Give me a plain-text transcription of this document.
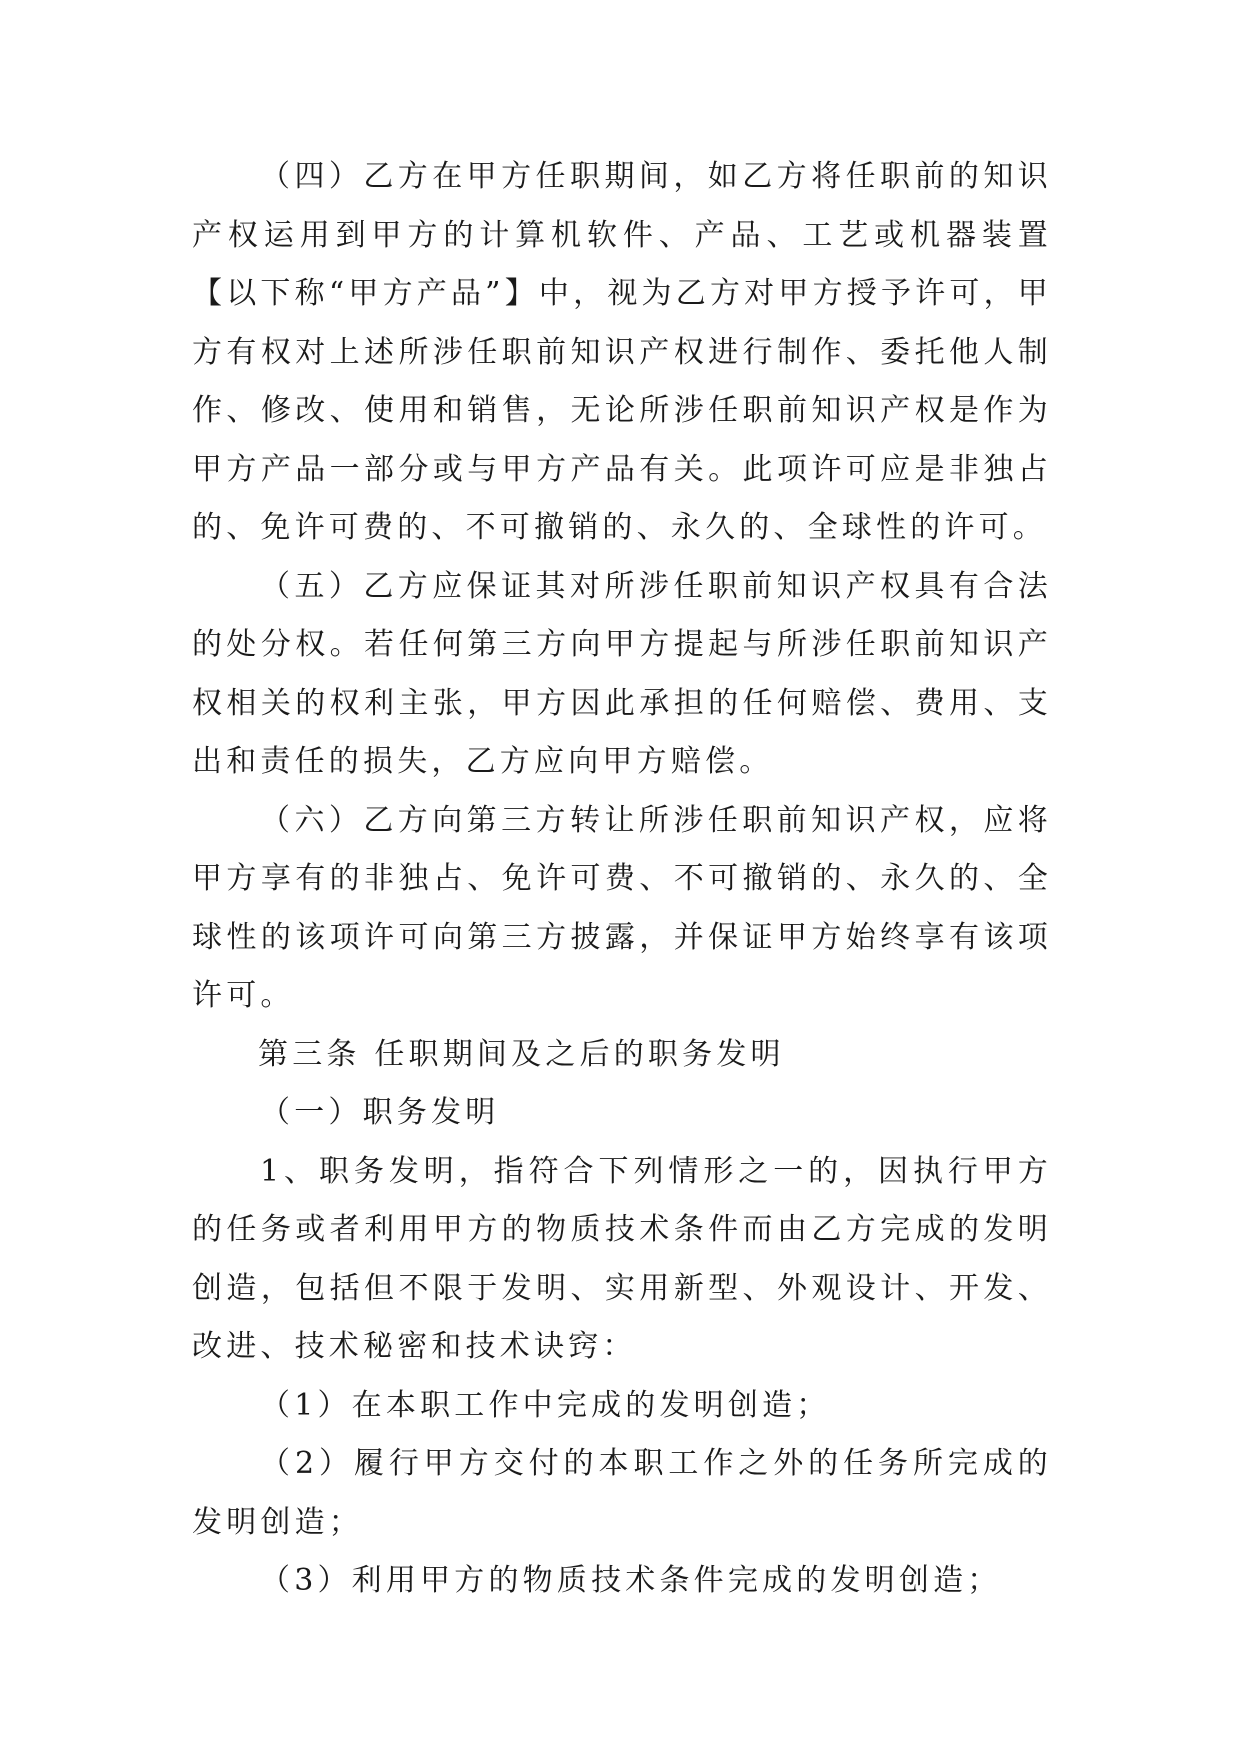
（四）乙方在甲方任职期间，如乙方将任职前的知识产权运用到甲方的计算机软件、产品、工艺或机器装置【以下称“甲方产品”】中，视为乙方对甲方授予许可，甲方有权对上述所涉任职前知识产权进行制作、委托他人制作、修改、使用和销售，无论所涉任职前知识产权是作为甲方产品一部分或与甲方产品有关。此项许可应是非独占的、免许可费的、不可撤销的、永久的、全球性的许可。

（五）乙方应保证其对所涉任职前知识产权具有合法的处分权。若任何第三方向甲方提起与所涉任职前知识产权相关的权利主张，甲方因此承担的任何赔偿、费用、支出和责任的损失，乙方应向甲方赔偿。

（六）乙方向第三方转让所涉任职前知识产权，应将甲方享有的非独占、免许可费、不可撤销的、永久的、全球性的该项许可向第三方披露，并保证甲方始终享有该项许可。

第三条 任职期间及之后的职务发明

（一）职务发明

1、职务发明，指符合下列情形之一的，因执行甲方的任务或者利用甲方的物质技术条件而由乙方完成的发明创造，包括但不限于发明、实用新型、外观设计、开发、改进、技术秘密和技术诀窍：

（1）在本职工作中完成的发明创造；

（2）履行甲方交付的本职工作之外的任务所完成的发明创造；

（3）利用甲方的物质技术条件完成的发明创造；
